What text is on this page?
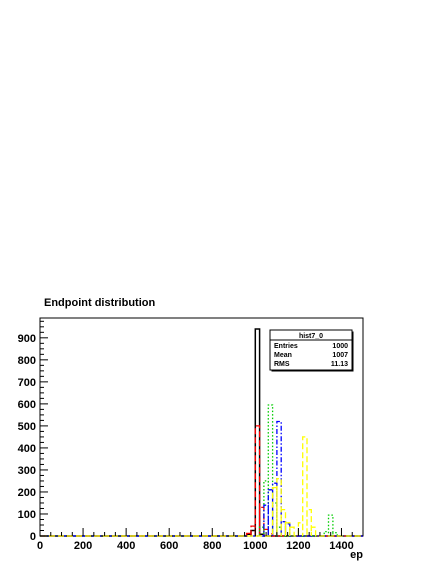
Endpoint distribution
0	200 400 600 800 1000 1200 1400
0
100
200
300
400
500
600
700
800
900	hist7_0
Entries	1000
Mean	1007
RMS	11.13
ep
